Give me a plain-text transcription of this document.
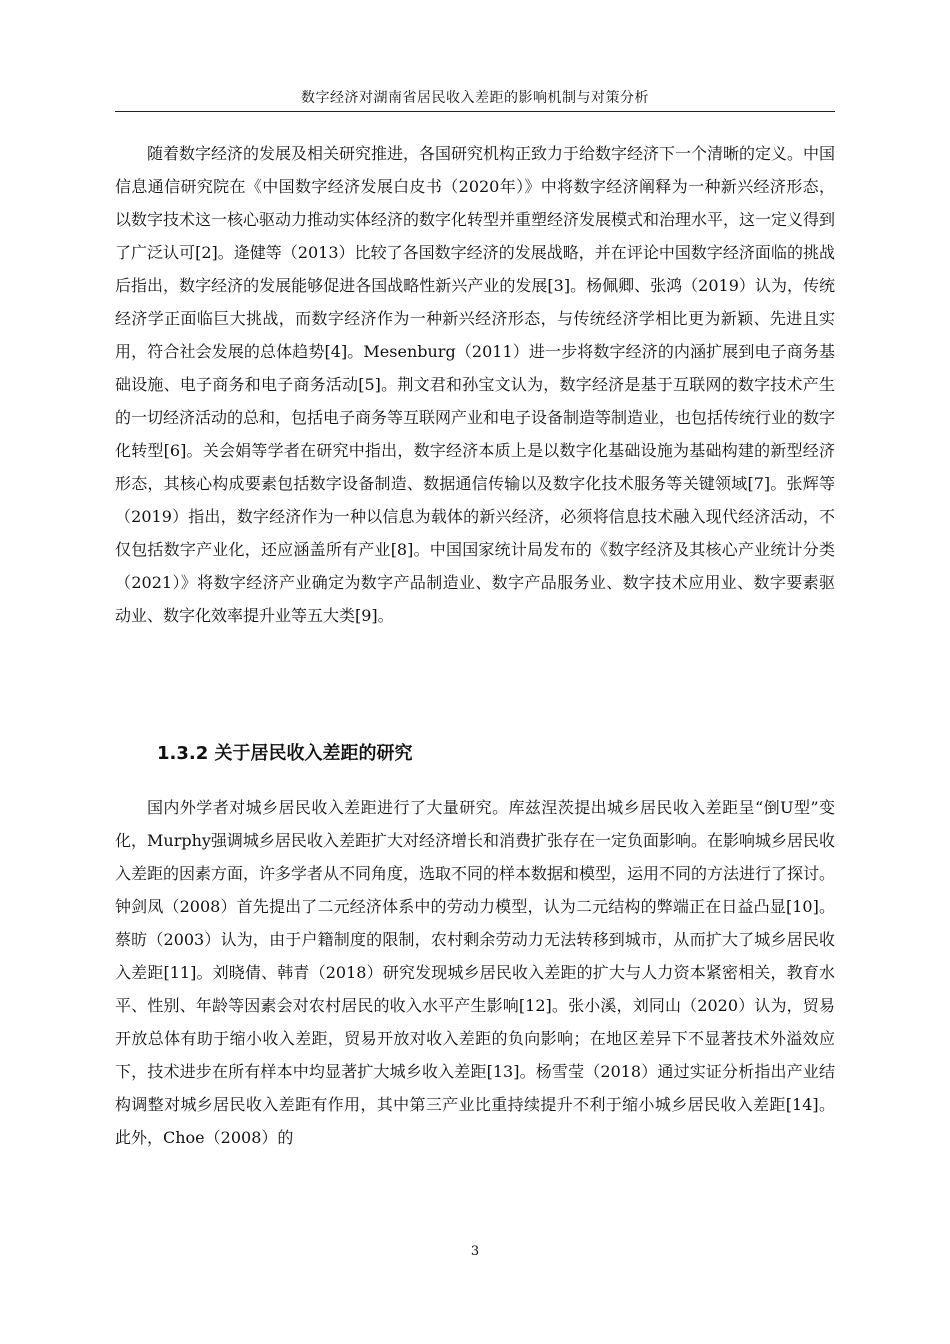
数字经济对湖南省居民收入差距的影响机制与对策分析

随着数字经济的发展及相关研究推进，各国研究机构正致力于给数字经济下一个清晰的定义。中国信息通信研究院在《中国数字经济发展白皮书（2020年）》中将数字经济阐释为一种新兴经济形态，以数字技术这一核心驱动力推动实体经济的数字化转型并重塑经济发展模式和治理水平，这一定义得到了广泛认可[2]。逄健等（2013）比较了各国数字经济的发展战略，并在评论中国数字经济面临的挑战后指出，数字经济的发展能够促进各国战略性新兴产业的发展[3]。杨佩卿、张鸿（2019）认为，传统经济学正面临巨大挑战，而数字经济作为一种新兴经济形态，与传统经济学相比更为新颖、先进且实用，符合社会发展的总体趋势[4]。Mesenburg（2011）进一步将数字经济的内涵扩展到电子商务基础设施、电子商务和电子商务活动[5]。荆文君和孙宝文认为，数字经济是基于互联网的数字技术产生的一切经济活动的总和，包括电子商务等互联网产业和电子设备制造等制造业，也包括传统行业的数字化转型[6]。关会娟等学者在研究中指出，数字经济本质上是以数字化基础设施为基础构建的新型经济形态，其核心构成要素包括数字设备制造、数据通信传输以及数字化技术服务等关键领域[7]。张辉等（2019）指出，数字经济作为一种以信息为载体的新兴经济，必须将信息技术融入现代经济活动，不仅包括数字产业化，还应涵盖所有产业[8]。中国国家统计局发布的《数字经济及其核心产业统计分类（2021）》将数字经济产业确定为数字产品制造业、数字产品服务业、数字技术应用业、数字要素驱动业、数字化效率提升业等五大类[9]。

1.3.2 关于居民收入差距的研究

国内外学者对城乡居民收入差距进行了大量研究。库兹涅茨提出城乡居民收入差距呈“倒U型”变化，Murphy强调城乡居民收入差距扩大对经济增长和消费扩张存在一定负面影响。在影响城乡居民收入差距的因素方面，许多学者从不同角度，选取不同的样本数据和模型，运用不同的方法进行了探讨。钟剑凤（2008）首先提出了二元经济体系中的劳动力模型，认为二元结构的弊端正在日益凸显[10]。蔡昉（2003）认为，由于户籍制度的限制，农村剩余劳动力无法转移到城市，从而扩大了城乡居民收入差距[11]。刘晓倩、韩青（2018）研究发现城乡居民收入差距的扩大与人力资本紧密相关，教育水平、性别、年龄等因素会对农村居民的收入水平产生影响[12]。张小溪，刘同山（2020）认为，贸易开放总体有助于缩小收入差距，贸易开放对收入差距的负向影响；在地区差异下不显著技术外溢效应下，技术进步在所有样本中均显著扩大城乡收入差距[13]。杨雪莹（2018）通过实证分析指出产业结构调整对城乡居民收入差距有作用，其中第三产业比重持续提升不利于缩小城乡居民收入差距[14]。此外，Choe（2008）的

3
